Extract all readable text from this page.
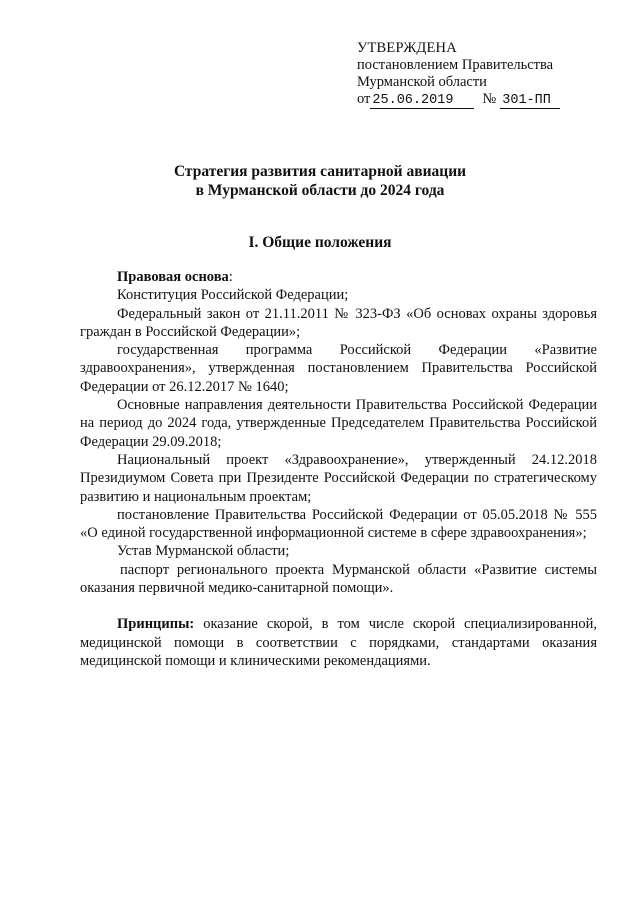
УТВЕРЖДЕНА
постановлением Правительства
Мурманской области
от 25.06.2019 № 301-ПП
Стратегия развития санитарной авиации
в Мурманской области до 2024 года
I. Общие положения

Правовая основа:

Конституция Российской Федерации;

Федеральный закон от 21.11.2011 № 323-ФЗ «Об основах охраны здоровья граждан в Российской Федерации»;

государственная программа Российской Федерации «Развитие здравоохранения», утвержденная постановлением Правительства Российской Федерации от 26.12.2017 № 1640;

Основные направления деятельности Правительства Российской Федерации на период до 2024 года, утвержденные Председателем Правительства Российской Федерации 29.09.2018;

Национальный проект «Здравоохранение», утвержденный 24.12.2018 Президиумом Совета при Президенте Российской Федерации по стратегическому развитию и национальным проектам;

постановление Правительства Российской Федерации от 05.05.2018 № 555 «О единой государственной информационной системе в сфере здравоохранения»;

Устав Мурманской области;

паспорт регионального проекта Мурманской области «Развитие системы оказания первичной медико-санитарной помощи».

Принципы: оказание скорой, в том числе скорой специализированной, медицинской помощи в соответствии с порядками, стандартами оказания медицинской помощи и клиническими рекомендациями.
